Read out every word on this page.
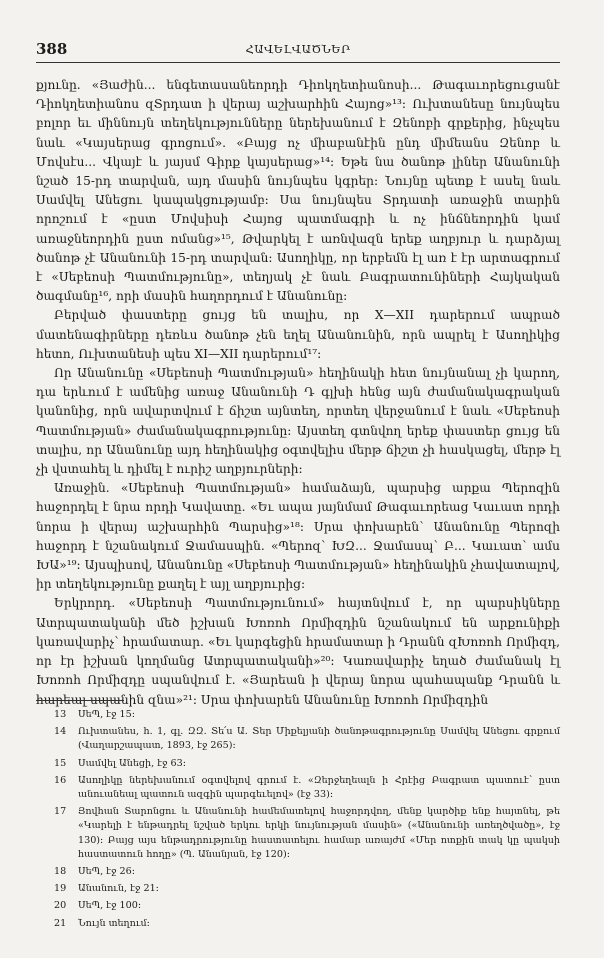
388	ՀԱՎԵԼՎԱԾՆԵՐ

քյունը. «Յաժին... ենգետասանեորդի Դիոկղետիանոսի... Թագաւորեցուցանէ Դիոկղետիանոս զՏրդատ ի վերայ աշխարհին Հայոց»¹³։ Ուխտանեսը նույնպես բոլոր եւ միննույն տեղեկությունները ներեխանում է Զենոբի գրքերից, ինչպես նաև «Կայսերաց գրոցում». «Բայց ոչ միաբանէին ընդ միմեանս Զենոբ և Մովսէս... Վկայէ և յայսմ Գիրք կայսերաց»¹⁴։ Եթե նա ծանոթ լիներ Անանունի նշած 15-րդ տարվան, այդ մասին նույնպես կգրեր։ Նույնը պետք է ասել նաև Սամվել Անեցու կապակցությամբ։ Սա նույնպես Տրդատի առաջին տարին որոշում է «ըստ Մովսիսի Հայոց պատմագրի և ոչ ինճնեորդին կամ առաջնեորդին ըստ ոմանց»¹⁵, Թվարկել է առնվազն երեք աղբյուր և դարձյալ ծանոթ չէ Անանունի 15-րդ տարվան։ Ասողիկը, որ երբեմն էլ առ է էր արտագրում է «Սեբեոսի Պատմությունը», տեղյակ չէ նաև Բագրատունիների Հայկական ծագմանը¹⁶, որի մասին հաղորդում է Անանունը։

Բերված փաստերը ցույց են տալիս, որ X—XII դարերում ապրած մատենագիրները դեռևս ծանոթ չեն եղել Անանունին, որն ապրել է Ասողիկից հետո, Ուխտանեսի պես XI—XII դարերում¹⁷։

Որ Անանունը «Սեբեոսի Պատմության» հեղինակի հետ նույնանալ չի կարող, դա երևում է ամենից առաջ Անանունի Դ գլխի հենց այն ժամանակագրական կանոնից, որն ավարտվում է ճիշտ այնտեղ, որտեղ վերջանում է նաև «Սեբեոսի Պատմության» ժամանակագրությունը։ Այստեղ գտնվող երեք փաստեր ցույց են տալիս, որ Անանունը այդ հեղինակից օգտվելիս մերթ ճիշտ չի հասկացել, մերթ էլ չի վստահել և դիմել է ուրիշ աղբյուրների։

Առաջին. «Սեբեոսի Պատմության» համաձայն, պարսից արքա Պերոզին հաջորդել է նրա որդի Կավատը. «Եւ ապա յայնմամ Թագաւորեաց Կաւատ որդի նորա ի վերայ աշխարհին Պարսից»¹⁸։ Սրա փոխարեն՝ Անանունը Պերոզի հաջորդ է նշանակում Ջամասպին. «Պերոզ՝ ԽԶ... Ջամասպ՝ Բ... Կաւատ՝ ամս ԽԱ»¹⁹։ Այսպիսով, Անանունը «Սեբեոսի Պատմության» հեղինակին չհավատալով, իր տեղեկությունը քաղել է այլ աղբյուրից։

Երկրորդ. «Սեբեոսի Պատմությունում» հայտնվում է, որ պարսիկները Ատրպատականի մեծ իշխան Խոռոհ Որմիզդին նշանակում են արքունիքի կառավարիչ՝ հրամատար. «Եւ կարգեցին հրամատար ի Դրանն զԽոռոհ Որմիզդ, որ էր իշխան կողմանց Ատրպատականի»²⁰։ Կառավարիչ եղած ժամանակ էլ Խոռոհ Որմիզդը սպանվում է. «Յարեան ի վերայ նորա պահապանք Դրանն և հարեալ սպանին զնա»²¹։ Սրա փոխարեն Անանունը Խոռոհ Որմիզդին

13 ՍեՊ, էջ 15։

14 Ուխտանես, հ. 1, գլ. ԶԶ. Տե՛ս Ա. Տեր Միքելյանի ծանոթագրությունը Սամվել Անեցու գրքում (Վաղարշապատ, 1893, էջ 265)։

15 Սամվել Անեցի, էջ 63։

16 Ասողիկը ներեխանում օգտվելով գրում է. «Զերջեղեալն ի Հրէից Բագրատ պատուէ՝ ըստ անուանեալ պատուն ազգին պարգեւելով» (էջ 33)։

17 Յովհան Տարոնցու և Անանունի համեմատելով հաջորդվող, մենք կարծիք ենք հայտնել, թե «Կարելի է ենթադրել նշված երկու երկի նույնության մասին» («Անանունի առեղծվածը», էջ 130)։ Բայց այս ենթադրությունը հաստատելու համար առայժմ «Մեր ոտքին տակ կը պակսի հաստատուն հողը» (Պ. Անանյան, էջ 120)։

18 ՍեՊ, էջ 26։

19 Անանուն, էջ 21։

20 ՍեՊ, էջ 100։

21 Նույն տեղում։
